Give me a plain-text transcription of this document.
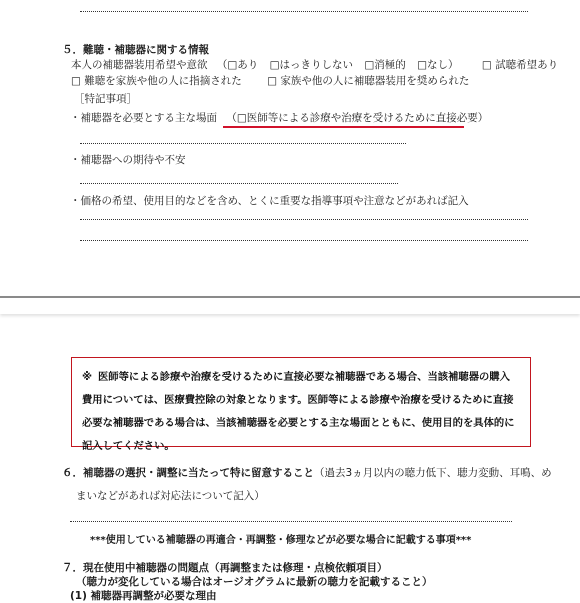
５．難聴・補聴器に関する情報
本人の補聴器装用希望や意欲 （□あり □はっきりしない □消極的 □なし） □ 試聴希望あり
□ 難聴を家族や他の人に指摘された □ 家族や他の人に補聴器装用を奨められた
［特記事項］
・補聴器を必要とする主な場面 （□医師等による診療や治療を受けるために直接必要）
・補聴器への期待や不安
・価格の希望、使用目的などを含め、とくに重要な指導事項や注意などがあれば記入
※ 医師等による診療や治療を受けるために直接必要な補聴器である場合、当該補聴器の購入費用については、医療費控除の対象となります。医師等による診療や治療を受けるために直接必要な補聴器である場合は、当該補聴器を必要とする主な場面とともに、使用目的を具体的に記入してください。
６．補聴器の選択・調整に当たって特に留意すること（過去3ヵ月以内の聴力低下、聴力変動、耳鳴、め
まいなどがあれば対応法について記入）
***使用している補聴器の再適合・再調整・修理などが必要な場合に記載する事項***
７．現在使用中補聴器の問題点（再調整または修理・点検依頼項目）
（聴力が変化している場合はオージオグラムに最新の聴力を記載すること）
(1) 補聴器再調整が必要な理由
